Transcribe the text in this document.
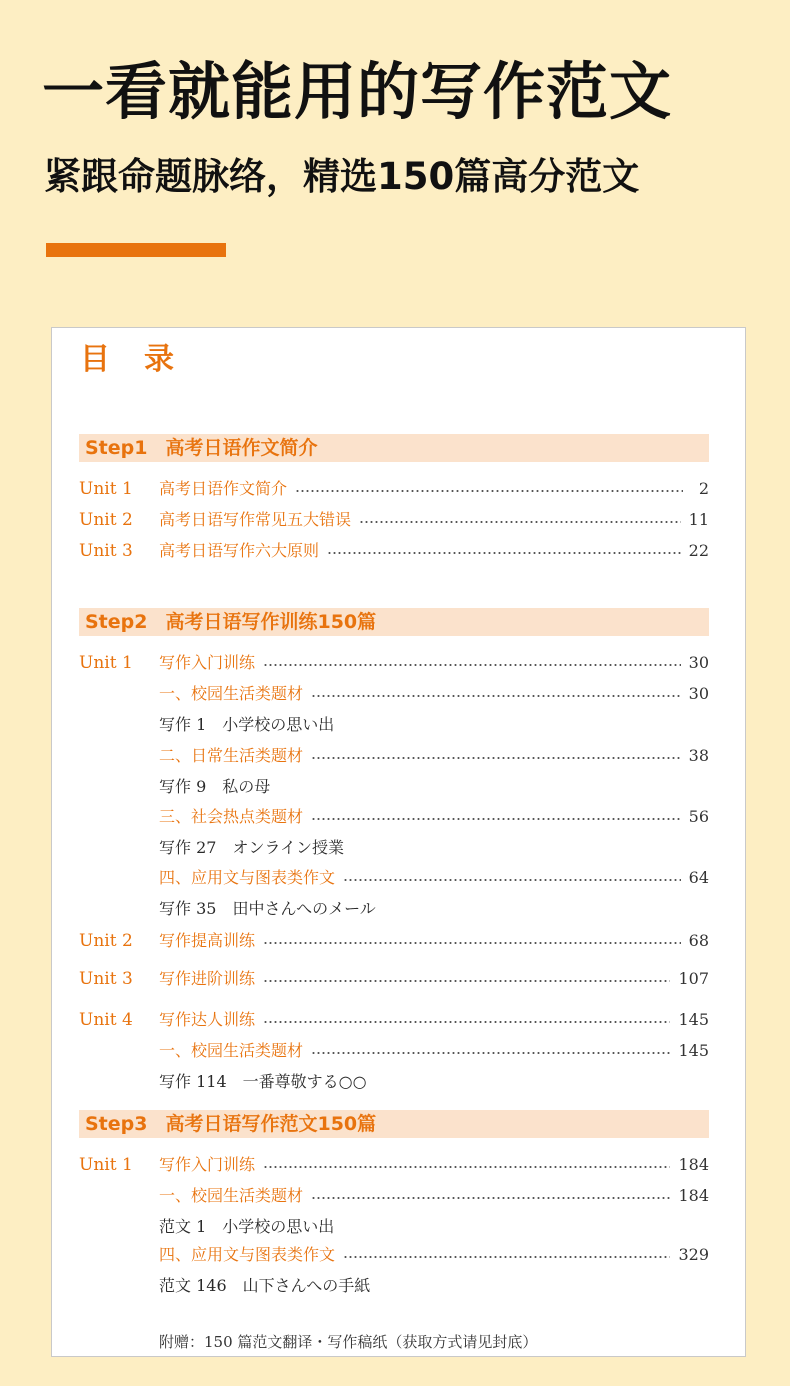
一看就能用的写作范文
紧跟命题脉络，精选150篇高分范文
目录
Step1 高考日语作文简介
Unit 1	高考日语作文简介	2
Unit 2	高考日语写作常见五大错误	11
Unit 3	高考日语写作六大原则	22
Step2 高考日语写作训练150篇
Unit 1	写作入门训练	30
一、校园生活类题材	30
写作 1　小学校の思い出
二、日常生活类题材	38
写作 9　私の母
三、社会热点类题材	56
写作 27　オンライン授業
四、应用文与图表类作文	64
写作 35　田中さんへのメール
Unit 2	写作提高训练	68
Unit 3	写作进阶训练	107
Unit 4	写作达人训练	145
一、校园生活类题材	145
写作 114　一番尊敬する○○
Step3 高考日语写作范文150篇
Unit 1	写作入门训练	184
一、校园生活类题材	184
范文 1　小学校の思い出
四、应用文与图表类作文	329
范文 146　山下さんへの手紙
附赠：150 篇范文翻译・写作稿纸（获取方式请见封底）
